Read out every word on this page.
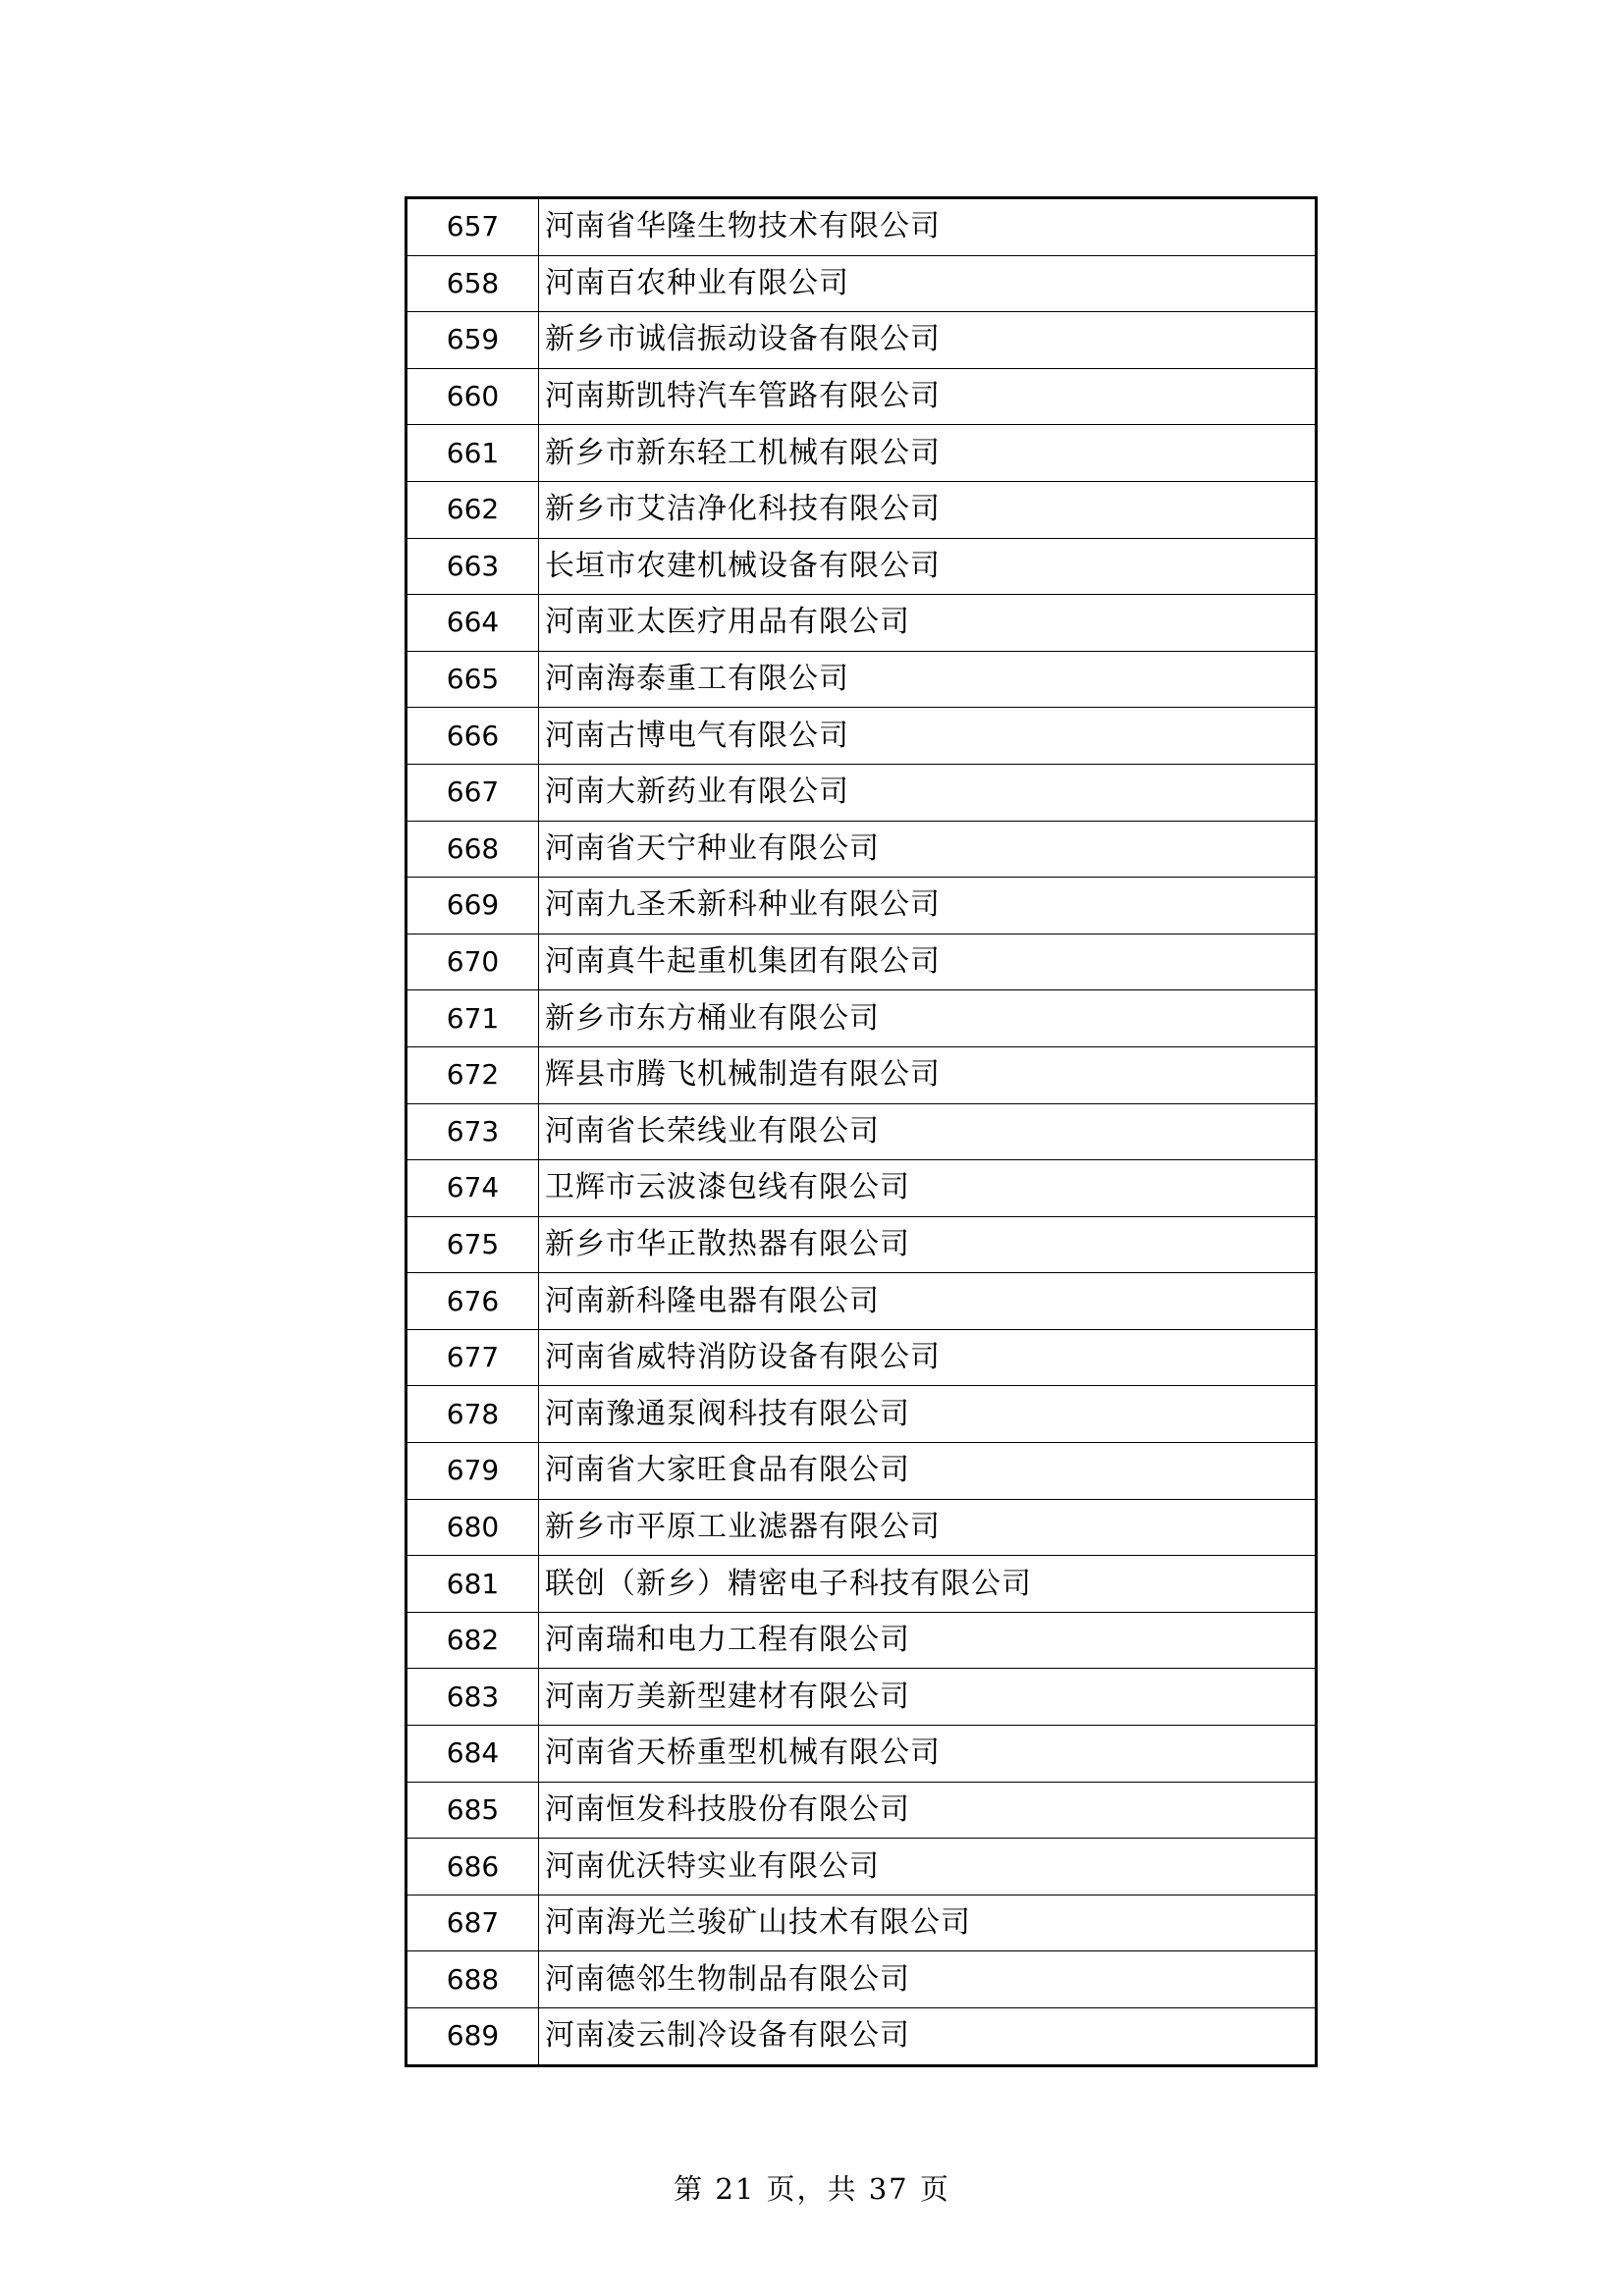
657	河南省华隆生物技术有限公司
658	河南百农种业有限公司
659	新乡市诚信振动设备有限公司
660	河南斯凯特汽车管路有限公司
661	新乡市新东轻工机械有限公司
662	新乡市艾洁净化科技有限公司
663	长垣市农建机械设备有限公司
664	河南亚太医疗用品有限公司
665	河南海泰重工有限公司
666	河南古博电气有限公司
667	河南大新药业有限公司
668	河南省天宁种业有限公司
669	河南九圣禾新科种业有限公司
670	河南真牛起重机集团有限公司
671	新乡市东方桶业有限公司
672	辉县市腾飞机械制造有限公司
673	河南省长荣线业有限公司
674	卫辉市云波漆包线有限公司
675	新乡市华正散热器有限公司
676	河南新科隆电器有限公司
677	河南省威特消防设备有限公司
678	河南豫通泵阀科技有限公司
679	河南省大家旺食品有限公司
680	新乡市平原工业滤器有限公司
681	联创（新乡）精密电子科技有限公司
682	河南瑞和电力工程有限公司
683	河南万美新型建材有限公司
684	河南省天桥重型机械有限公司
685	河南恒发科技股份有限公司
686	河南优沃特实业有限公司
687	河南海光兰骏矿山技术有限公司
688	河南德邻生物制品有限公司
689	河南凌云制冷设备有限公司
第 21 页，共 37 页
